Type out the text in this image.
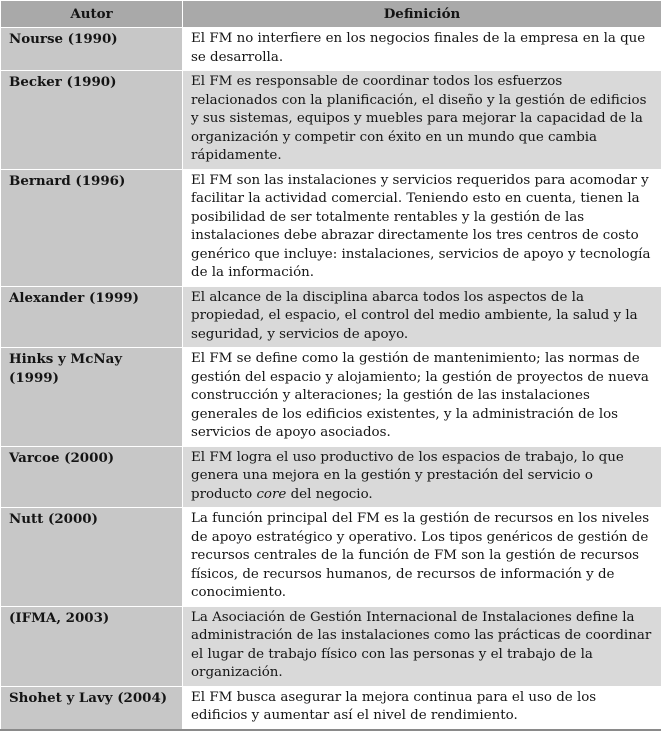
Autor	Definición
Nourse (1990)	El FM no interfiere en los negocios finales de la empresa en la que se desarrolla.
Becker (1990)	El FM es responsable de coordinar todos los esfuerzos relacionados con la planificación, el diseño y la gestión de edificios y sus sistemas, equipos y muebles para mejorar la capacidad de la organización y competir con éxito en un mundo que cambia rápidamente.
Bernard (1996)	El FM son las instalaciones y servicios requeridos para acomodar y facilitar la actividad comercial. Teniendo esto en cuenta, tienen la posibilidad de ser totalmente rentables y la gestión de las instalaciones debe abrazar directamente los tres centros de costo genérico que incluye: instalaciones, servicios de apoyo y tecnología de la información.
Alexander (1999)	El alcance de la disciplina abarca todos los aspectos de la propiedad, el espacio, el control del medio ambiente, la salud y la seguridad, y servicios de apoyo.
Hinks y McNay (1999)	El FM se define como la gestión de mantenimiento; las normas de gestión del espacio y alojamiento; la gestión de proyectos de nueva construcción y alteraciones; la gestión de las instalaciones generales de los edificios existentes, y la administración de los servicios de apoyo asociados.
Varcoe (2000)	El FM logra el uso productivo de los espacios de trabajo, lo que genera una mejora en la gestión y prestación del servicio o producto core del negocio.
Nutt (2000)	La función principal del FM es la gestión de recursos en los niveles de apoyo estratégico y operativo. Los tipos genéricos de gestión de recursos centrales de la función de FM son la gestión de recursos físicos, de recursos humanos, de recursos de información y de conocimiento.
(IFMA, 2003)	La Asociación de Gestión Internacional de Instalaciones define la administración de las instalaciones como las prácticas de coordinar el lugar de trabajo físico con las personas y el trabajo de la organización.
Shohet y Lavy (2004)	El FM busca asegurar la mejora continua para el uso de los edificios y aumentar así el nivel de rendimiento.
